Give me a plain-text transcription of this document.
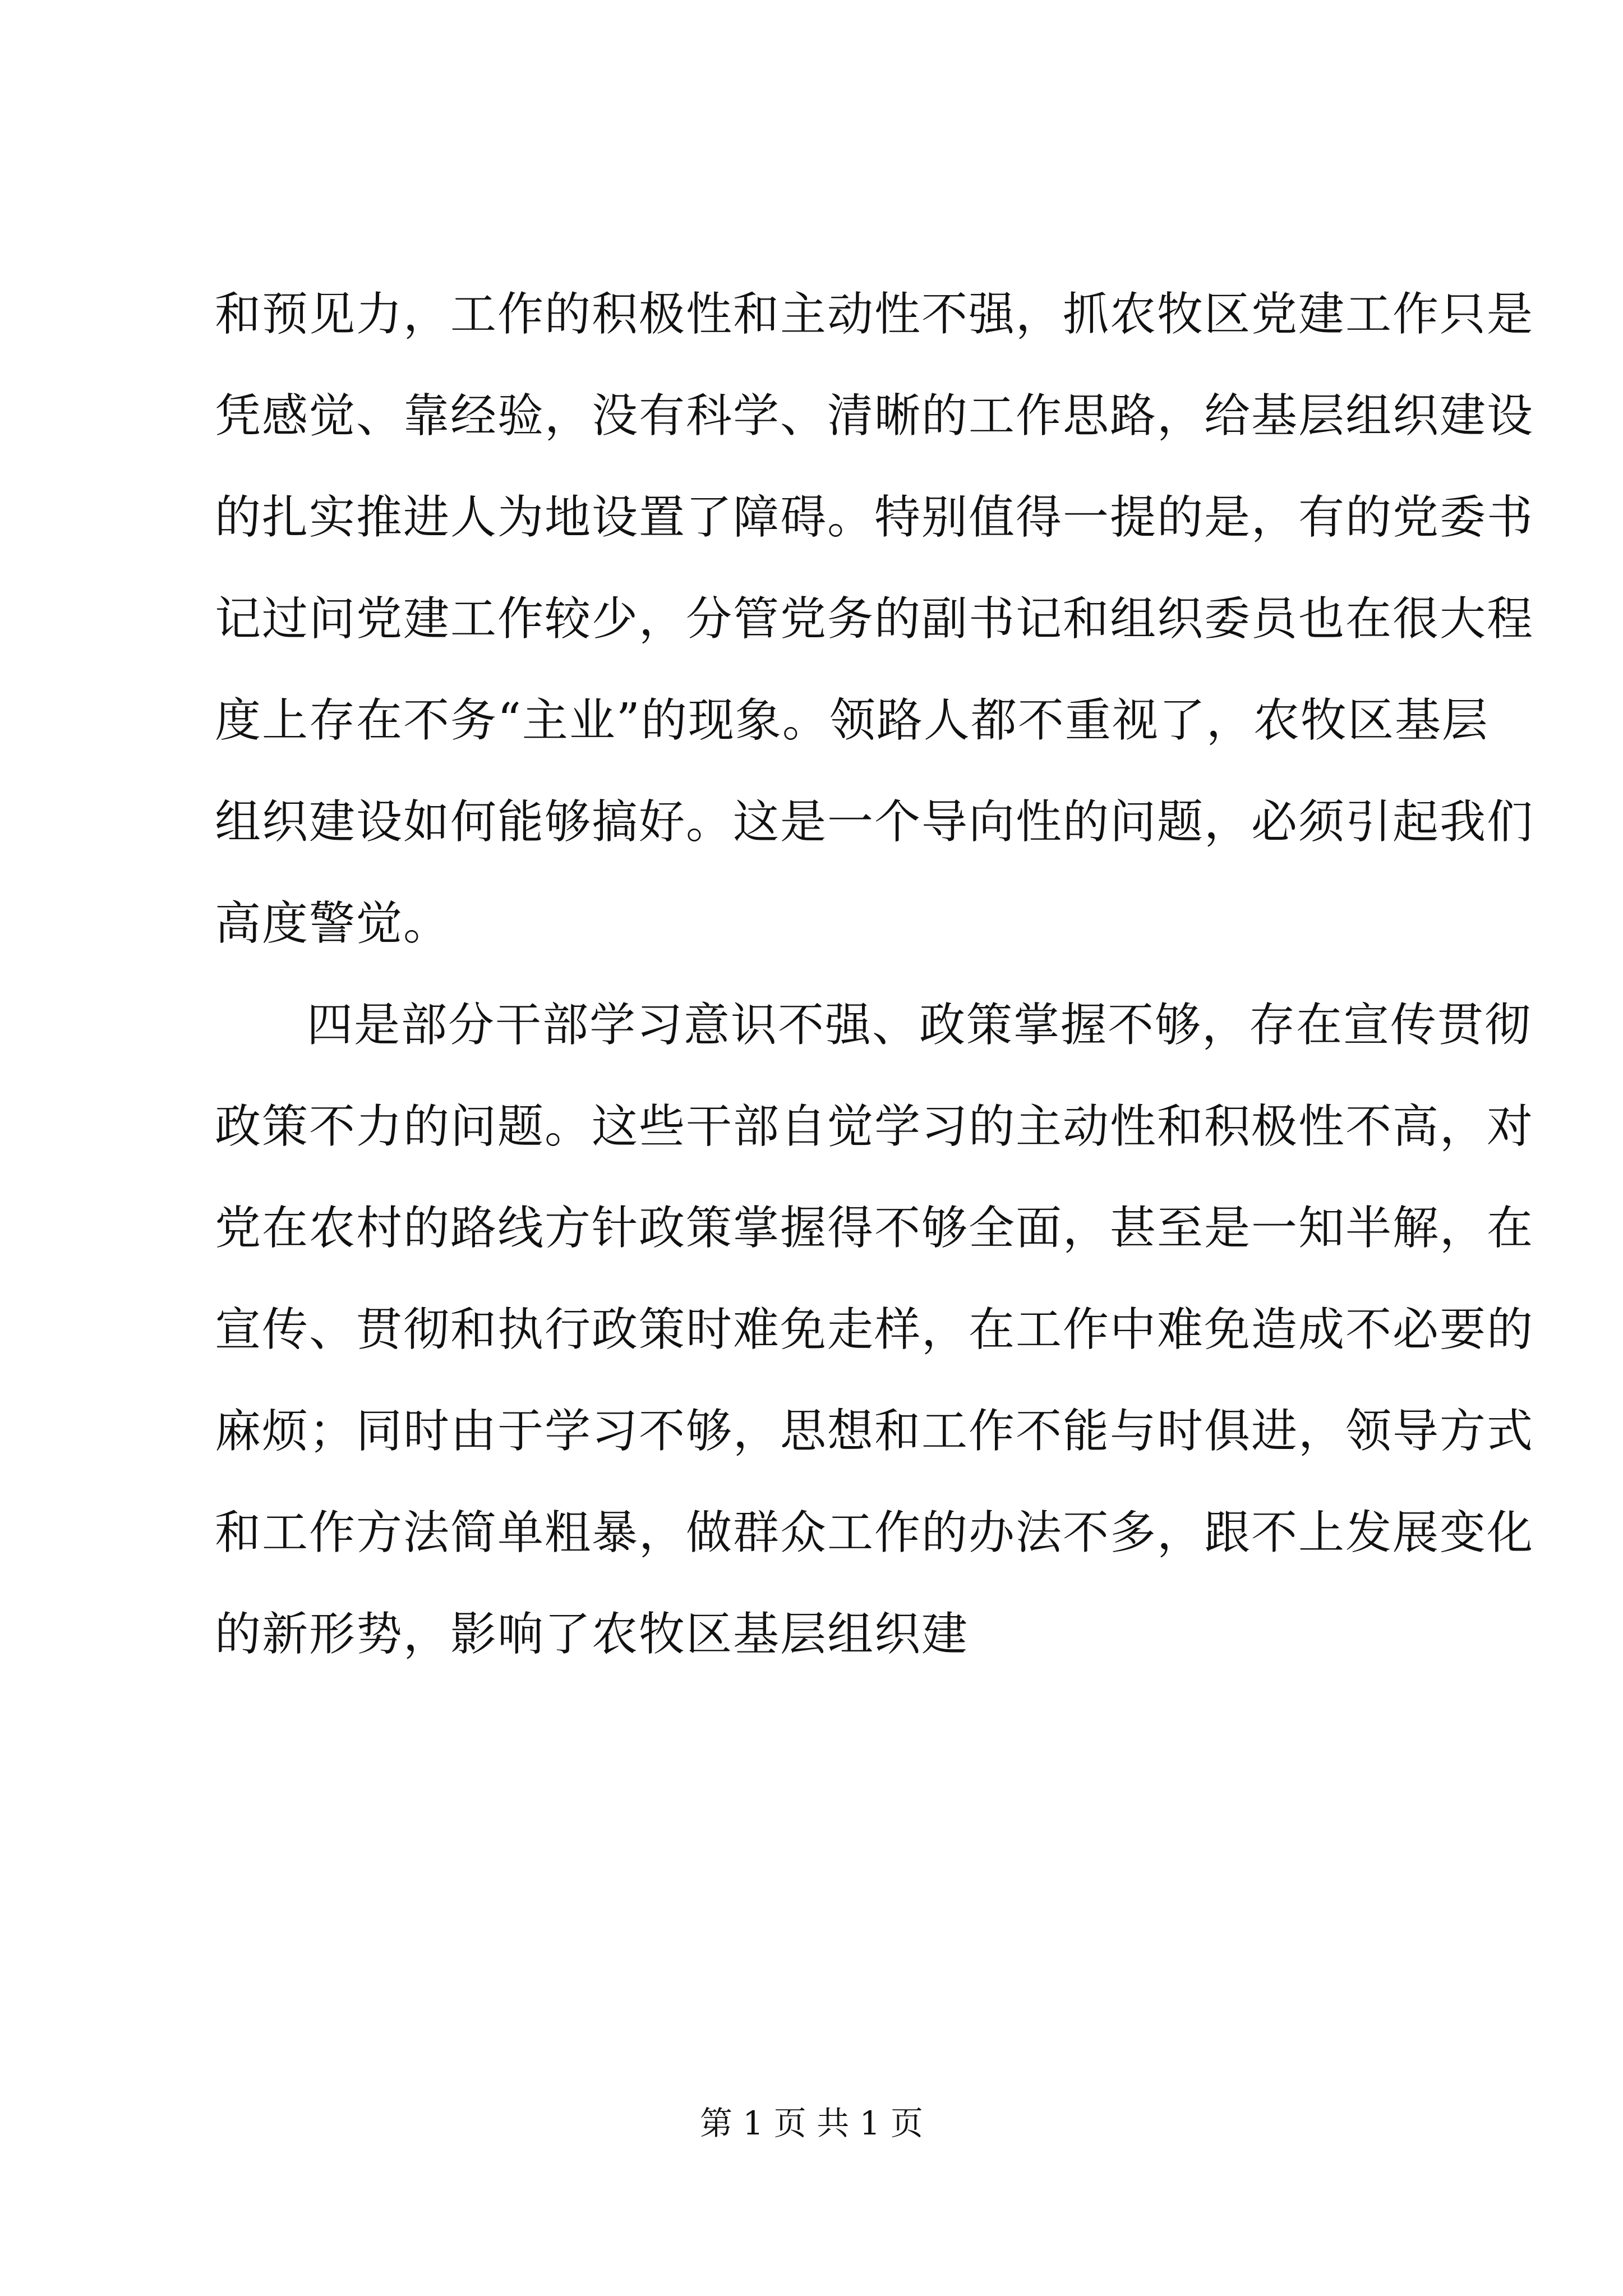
和预见力，工作的积极性和主动性不强，抓农牧区党建工作只是
凭感觉、靠经验，没有科学、清晰的工作思路，给基层组织建设
的扎实推进人为地设置了障碍。特别值得一提的是，有的党委书
记过问党建工作较少，分管党务的副书记和组织委员也在很大程
度上存在不务“主业”的现象。领路人都不重视了，农牧区基层
组织建设如何能够搞好。这是一个导向性的问题，必须引起我们
高度警觉。
四是部分干部学习意识不强、政策掌握不够，存在宣传贯彻
政策不力的问题。这些干部自觉学习的主动性和积极性不高，对
党在农村的路线方针政策掌握得不够全面，甚至是一知半解，在
宣传、贯彻和执行政策时难免走样，在工作中难免造成不必要的
麻烦；同时由于学习不够，思想和工作不能与时俱进，领导方式
和工作方法简单粗暴，做群众工作的办法不多，跟不上发展变化
的新形势，影响了农牧区基层组织建
第 1 页 共 1 页
